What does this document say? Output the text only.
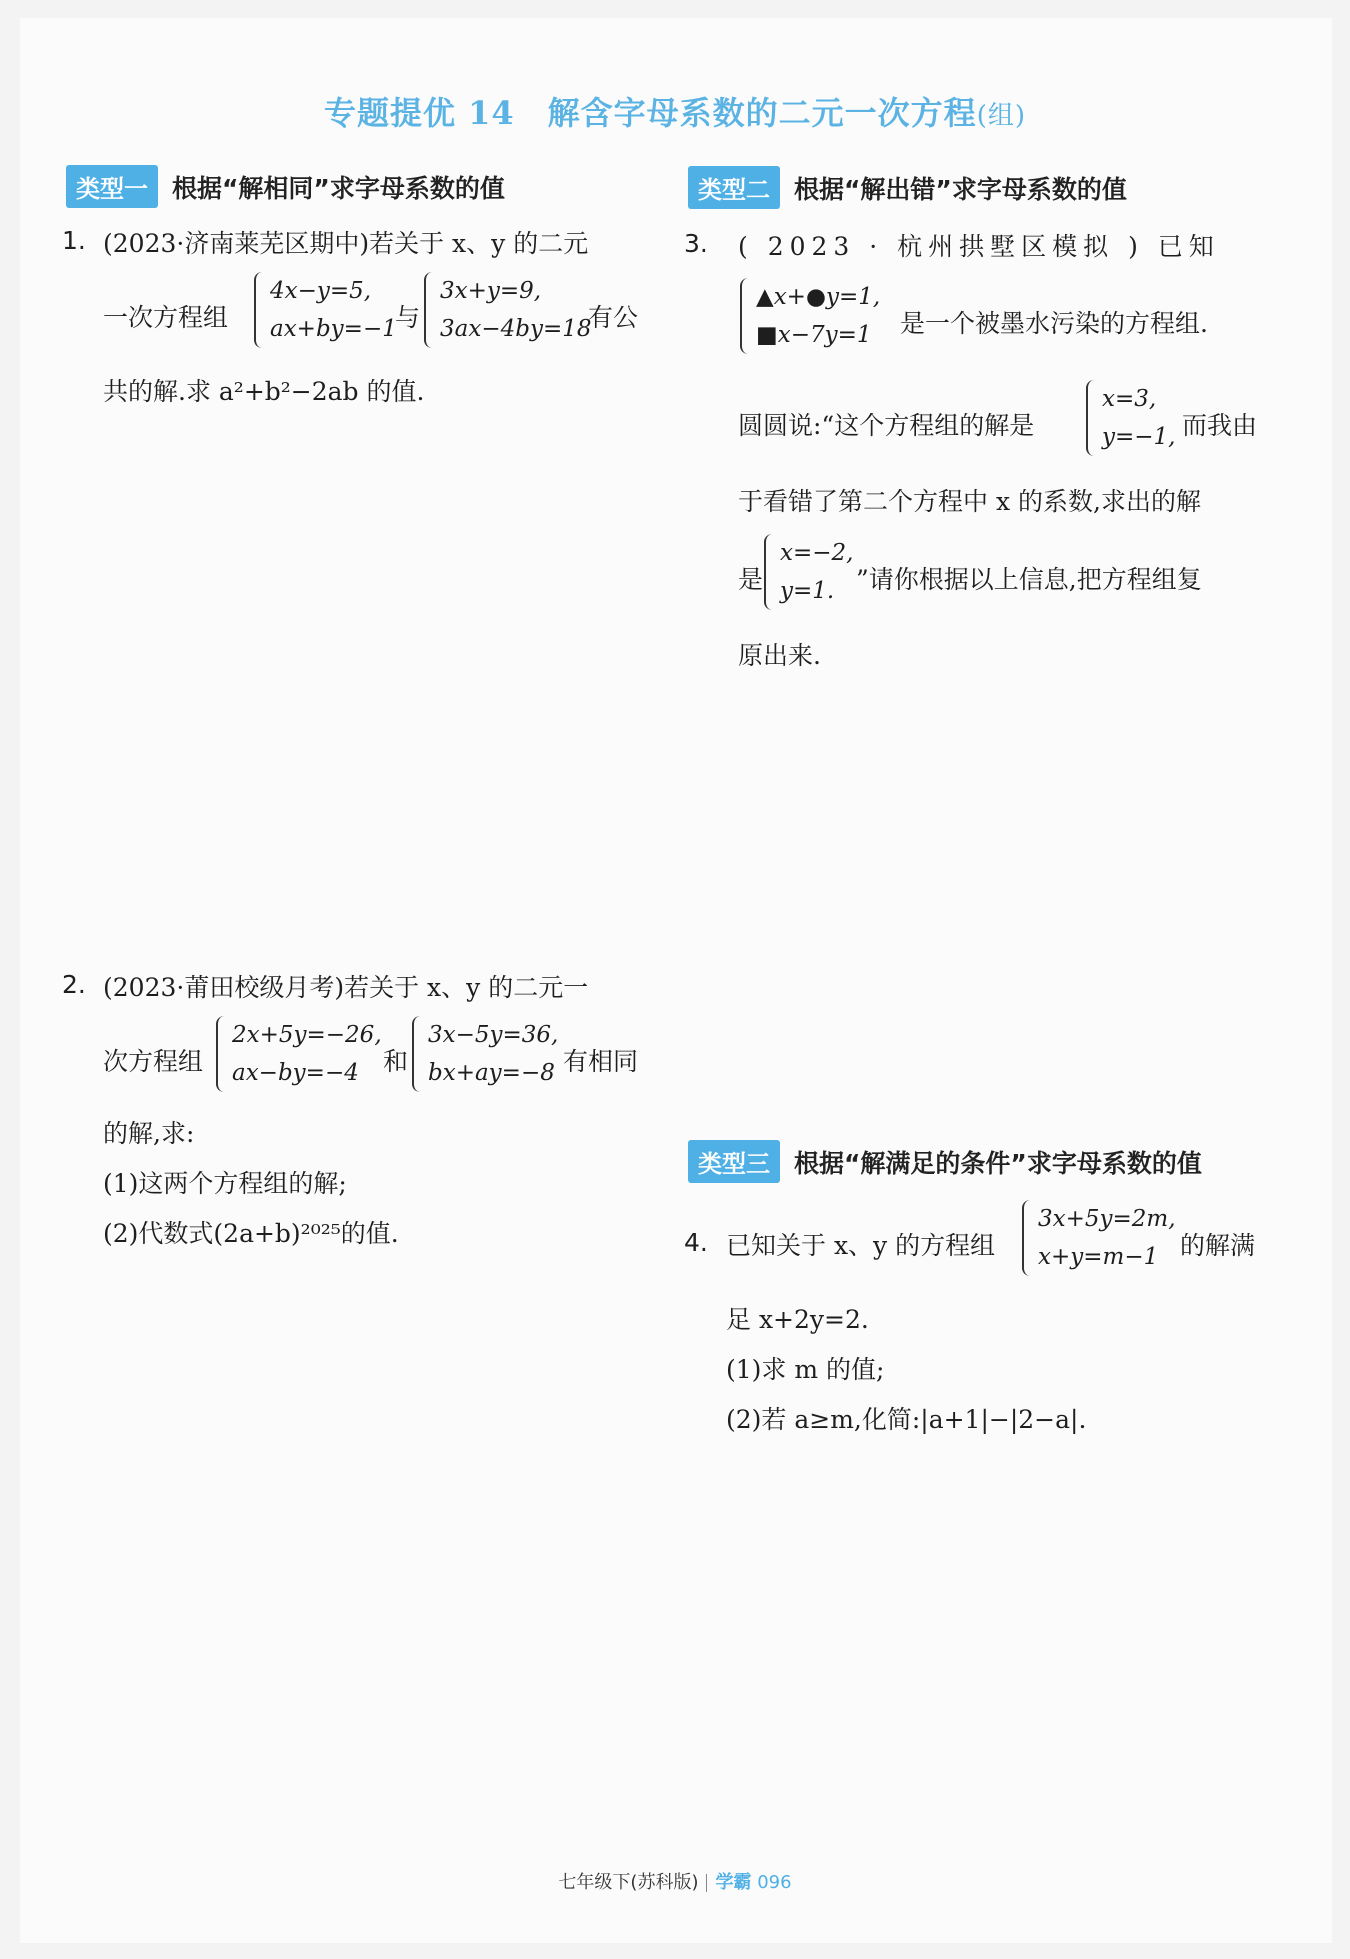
专题提优 14　解含字母系数的二元一次方程(组)
类型一 根据“解相同”求字母系数的值
1. (2023·济南莱芜区期中)若关于 x、y 的二元
一次方程组
4x−y=5,
ax+by=−1
与
3x+y=9,
3ax−4by=18
有公
共的解.求 a²+b²−2ab 的值.
2. (2023·莆田校级月考)若关于 x、y 的二元一
次方程组
2x+5y=−26,
ax−by=−4 和
3x−5y=36,
bx+ay=−8 有相同
的解,求:
(1)这两个方程组的解;
(2)代数式(2a+b)²⁰²⁵的值.
类型二 根据“解出错”求字母系数的值
3. ( 2023 · 杭州拱墅区模拟 ) 已知
▲x+●y=1,
■x−7y=1	是一个被墨水污染的方程组.
圆圆说:“这个方程组的解是
x=3,
y=−1, 而我由
于看错了第二个方程中 x 的系数,求出的解
是
x=−2,
y=1. ”请你根据以上信息,把方程组复
原出来.
类型三 根据“解满足的条件”求字母系数的值
4. 已知关于 x、y 的方程组
3x+5y=2m,
x+y=m−1 的解满
足 x+2y=2.
(1)求 m 的值;
(2)若 a≥m,化简:|a+1|−|2−a|.
七年级下(苏科版) 学霸 096
